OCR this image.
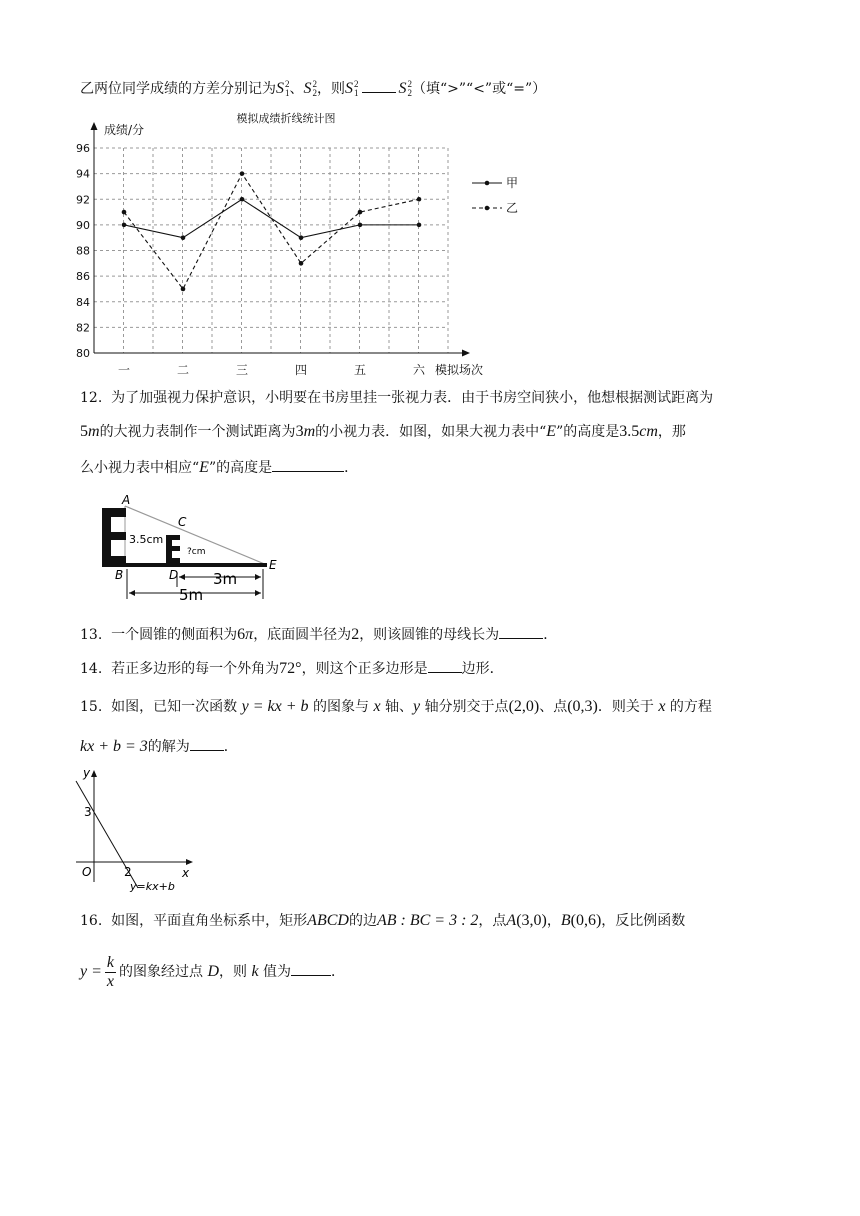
乙两位同学成绩的方差分别记为S 2
1 、S 2
2 ，则S 2
1	S 2
2 （填“>”“<”或“=”）
80
82
84
86
88
90
92
94
96
一	二	三	四	五	六
成绩/分
模拟场次
模拟成绩折线统计图
甲
乙
12. 为了加强视力保护意识，小明要在书房里挂一张视力表．由于书房空间狭小，他想根据测试距离为
5m的大视力表制作一个测试距离为3m的小视力表．如图，如果大视力表中“E”的高度是3.5cm，那
么小视力表中相应“E”的高度是	．
A
B
C
D
E
3.5cm
?cm
3m
5m
13. 一个圆锥的侧面积为6π，底面圆半径为2，则该圆锥的母线长为	．
14. 若正多边形的每一个外角为72°，则这个正多边形是 边形．
15. 如图，已知一次函数 y = kx + b 的图象与 x 轴、y 轴分别交于点(2,0)、点(0,3)．则关于 x 的方程
kx + b = 3的解为 ．
y
x
O
3
2
y=kx+b
16. 如图，平面直角坐标系中，矩形ABCD的边AB : BC = 3 : 2，点A(3,0)，B(0,6)，反比例函数
$y = \frac{k}{x}$ 的图象经过点 D，则 k 值为	．
